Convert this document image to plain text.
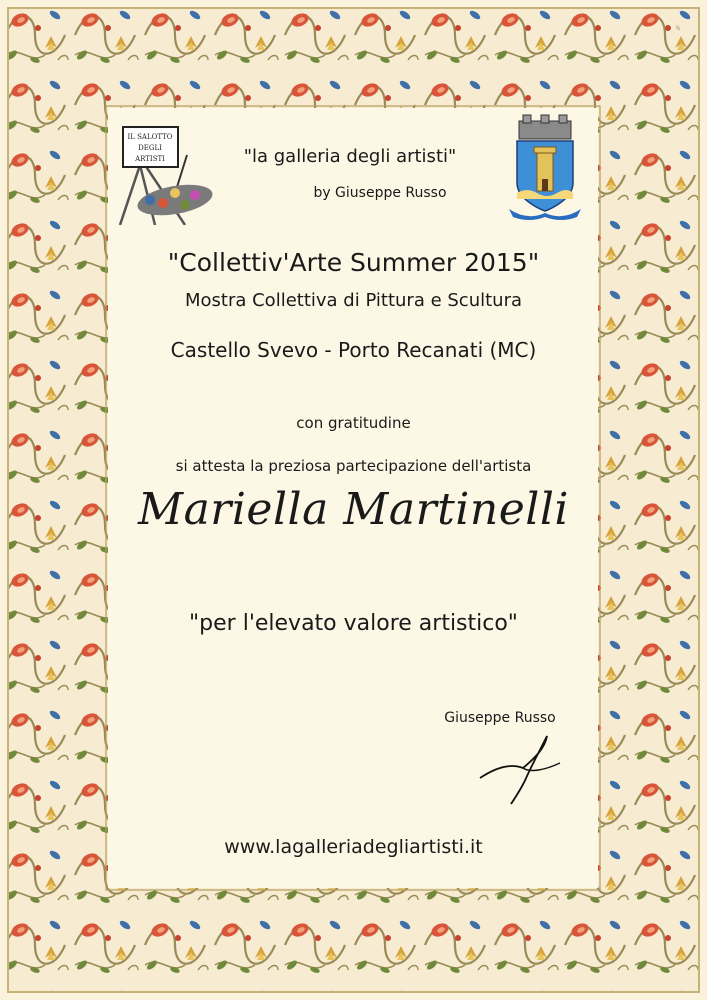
✎
IL SALOTTO
DEGLI
ARTISTI	"la galleria degli artisti"
by Giuseppe Russo
"Collettiv'Arte Summer 2015"
Mostra Collettiva di Pittura e Scultura
Castello Svevo - Porto Recanati (MC)
con gratitudine
si attesta la preziosa partecipazione dell'artista
Mariella Martinelli
"per l'elevato valore artistico"
Giuseppe Russo
www.lagalleriadegliartisti.it
